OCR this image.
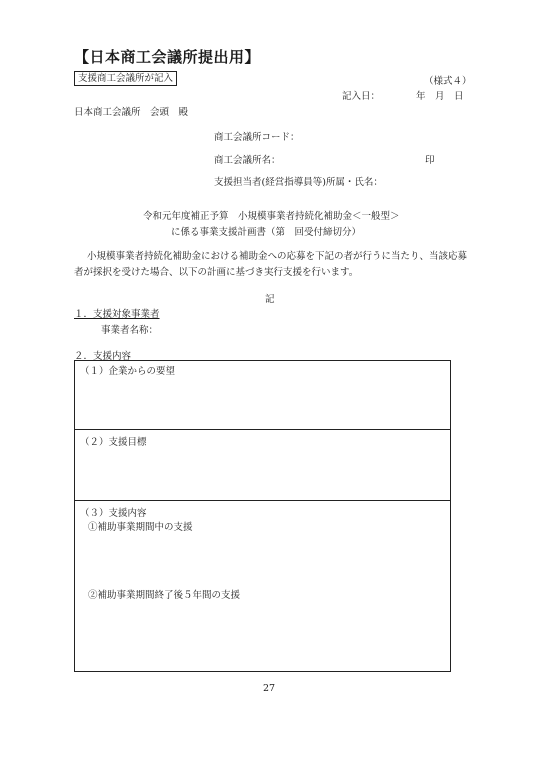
【日本商工会議所提出用】
支援商工会議所が記入	（様式４）
記入日：	年　月　日
日本商工会議所　会頭　殿
商工会議所コード：
商工会議所名：	印
支援担当者(経営指導員等)所属・氏名：
令和元年度補正予算　小規模事業者持続化補助金＜一般型＞
に係る事業支援計画書（第　回受付締切分）
小規模事業者持続化補助金における補助金への応募を下記の者が行うに当たり、当該応募
者が採択を受けた場合、以下の計画に基づき実行支援を行います。
記
１．支援対象事業者
事業者名称：
２．支援内容
（１）企業からの要望
（２）支援目標
（３）支援内容
①補助事業期間中の支援
②補助事業期間終了後５年間の支援
27
